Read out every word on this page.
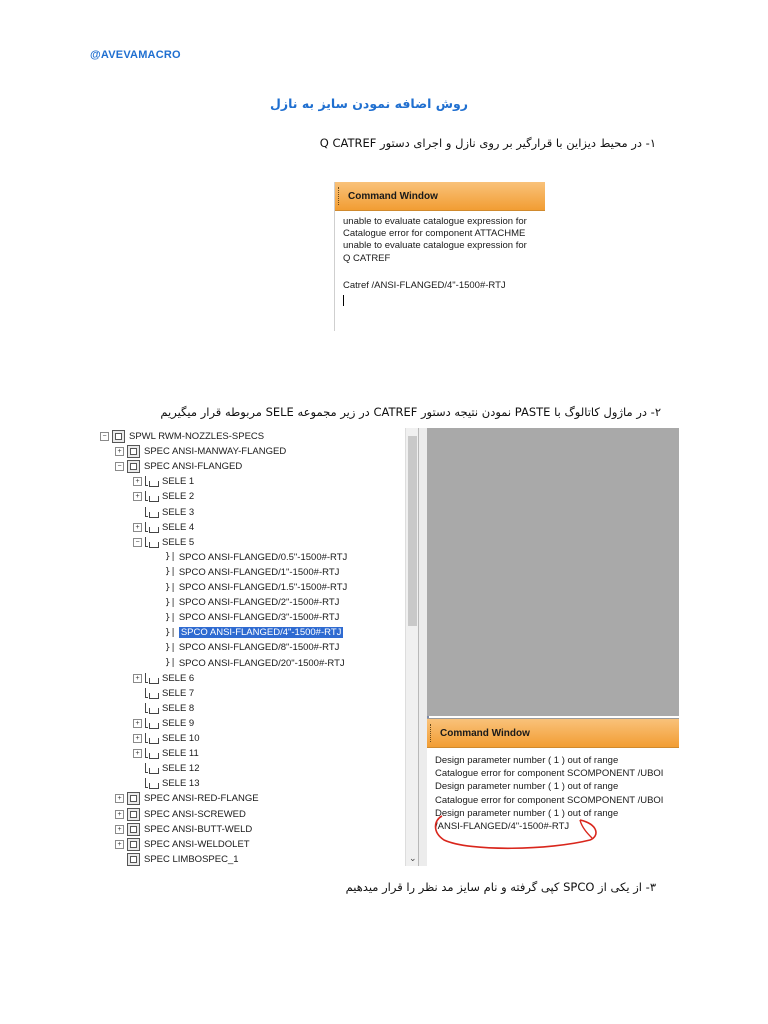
@AVEVAMACRO
روش اضافه نمودن سایز به نازل
۱- در محیط دیزاین با قرارگیر بر روی نازل و اجرای دستور Q CATREF
Command Window
unable to evaluate catalogue expression for
Catalogue error for component ATTACHME
unable to evaluate catalogue expression for
Q CATREF
Catref /ANSI-FLANGED/4"-1500#-RTJ
۲- در ماژول کاتالوگ با PASTE نمودن نتیجه دستور CATREF در زیر مجموعه SELE مربوطه قرار میگیریم
− SPWL RWM-NOZZLES-SPECS
+ SPEC ANSI-MANWAY-FLANGED
− SPEC ANSI-FLANGED
+ SELE 1
+ SELE 2
SELE 3
+ SELE 4
− SELE 5
}| SPCO ANSI-FLANGED/0.5"-1500#-RTJ
}| SPCO ANSI-FLANGED/1"-1500#-RTJ
}| SPCO ANSI-FLANGED/1.5"-1500#-RTJ
}| SPCO ANSI-FLANGED/2"-1500#-RTJ
}| SPCO ANSI-FLANGED/3"-1500#-RTJ
}| SPCO ANSI-FLANGED/4"-1500#-RTJ
}| SPCO ANSI-FLANGED/8"-1500#-RTJ
}| SPCO ANSI-FLANGED/20"-1500#-RTJ
+ SELE 6
SELE 7
SELE 8
+ SELE 9
+ SELE 10
+ SELE 11
SELE 12
SELE 13
+ SPEC ANSI-RED-FLANGE
+ SPEC ANSI-SCREWED
+ SPEC ANSI-BUTT-WELD
+ SPEC ANSI-WELDOLET
SPEC LIMBOSPEC_1	⌄
Command Window
Design parameter number ( 1 ) out of range
Catalogue error for component SCOMPONENT /UBOI
Design parameter number ( 1 ) out of range
Catalogue error for component SCOMPONENT /UBOI
Design parameter number ( 1 ) out of range
/ANSI-FLANGED/4"-1500#-RTJ
۳- از یکی از SPCO کپی گرفته و نام سایز مد نظر را قرار میدهیم
